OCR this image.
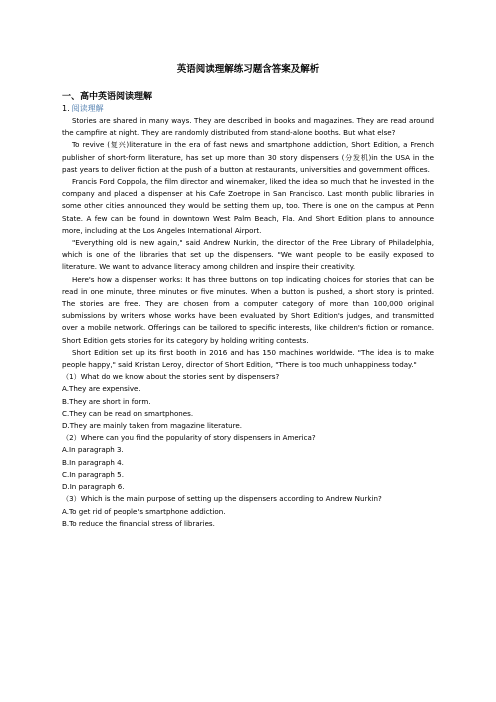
英语阅读理解练习题含答案及解析
一、高中英语阅读理解
1. 阅读理解

Stories are shared in many ways. They are described in books and magazines. They are read around the campfire at night. They are randomly distributed from stand-alone booths. But what else?

To revive (复兴)literature in the era of fast news and smartphone addiction, Short Edition, a French publisher of short-form literature, has set up more than 30 story dispensers (分发机)in the USA in the past years to deliver fiction at the push of a button at restaurants, universities and government offices.

Francis Ford Coppola, the film director and winemaker, liked the idea so much that he invested in the company and placed a dispenser at his Cafe Zoetrope in San Francisco. Last month public libraries in some other cities announced they would be setting them up, too. There is one on the campus at Penn State. A few can be found in downtown West Palm Beach, Fla. And Short Edition plans to announce more, including at the Los Angeles International Airport.

"Everything old is new again," said Andrew Nurkin, the director of the Free Library of Philadelphia, which is one of the libraries that set up the dispensers. "We want people to be easily exposed to literature. We want to advance literacy among children and inspire their creativity.

Here's how a dispenser works: It has three buttons on top indicating choices for stories that can be read in one minute, three minutes or five minutes. When a button is pushed, a short story is printed. The stories are free. They are chosen from a computer category of more than 100,000 original submissions by writers whose works have been evaluated by Short Edition's judges, and transmitted over a mobile network. Offerings can be tailored to specific interests, like children's fiction or romance. Short Edition gets stories for its category by holding writing contests.

Short Edition set up its first booth in 2016 and has 150 machines worldwide. "The idea is to make people happy," said Kristan Leroy, director of Short Edition, "There is too much unhappiness today."

（1）What do we know about the stories sent by dispensers?

A.They are expensive.

B.They are short in form.

C.They can be read on smartphones.

D.They are mainly taken from magazine literature.

（2）Where can you find the popularity of story dispensers in America?

A.In paragraph 3.

B.In paragraph 4.

C.In paragraph 5.

D.In paragraph 6.

（3）Which is the main purpose of setting up the dispensers according to Andrew Nurkin?

A.To get rid of people's smartphone addiction.

B.To reduce the financial stress of libraries.
